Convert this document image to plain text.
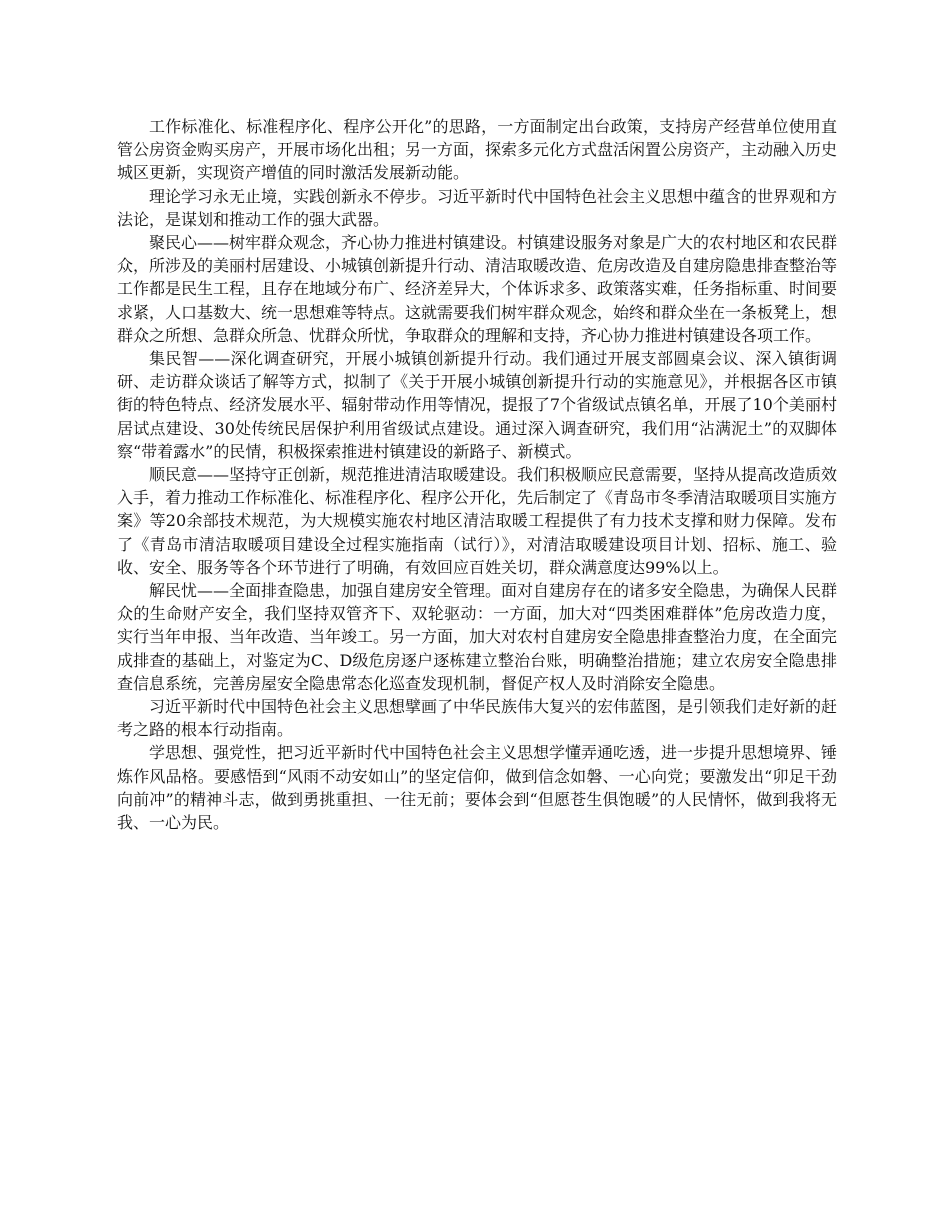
工作标准化、标准程序化、程序公开化”的思路，一方面制定出台政策，支持房产经营单位使用直管公房资金购买房产，开展市场化出租；另一方面，探索多元化方式盘活闲置公房资产，主动融入历史城区更新，实现资产增值的同时激活发展新动能。

理论学习永无止境，实践创新永不停步。习近平新时代中国特色社会主义思想中蕴含的世界观和方法论，是谋划和推动工作的强大武器。

聚民心——树牢群众观念，齐心协力推进村镇建设。村镇建设服务对象是广大的农村地区和农民群众，所涉及的美丽村居建设、小城镇创新提升行动、清洁取暖改造、危房改造及自建房隐患排查整治等工作都是民生工程，且存在地域分布广、经济差异大，个体诉求多、政策落实难，任务指标重、时间要求紧，人口基数大、统一思想难等特点。这就需要我们树牢群众观念，始终和群众坐在一条板凳上，想群众之所想、急群众所急、忧群众所忧，争取群众的理解和支持，齐心协力推进村镇建设各项工作。

集民智——深化调查研究，开展小城镇创新提升行动。我们通过开展支部圆桌会议、深入镇街调研、走访群众谈话了解等方式，拟制了《关于开展小城镇创新提升行动的实施意见》，并根据各区市镇街的特色特点、经济发展水平、辐射带动作用等情况，提报了7个省级试点镇名单，开展了10个美丽村居试点建设、30处传统民居保护利用省级试点建设。通过深入调查研究，我们用“沾满泥土”的双脚体察“带着露水”的民情，积极探索推进村镇建设的新路子、新模式。

顺民意——坚持守正创新，规范推进清洁取暖建设。我们积极顺应民意需要，坚持从提高改造质效入手，着力推动工作标准化、标准程序化、程序公开化，先后制定了《青岛市冬季清洁取暖项目实施方案》等20余部技术规范，为大规模实施农村地区清洁取暖工程提供了有力技术支撑和财力保障。发布了《青岛市清洁取暖项目建设全过程实施指南（试行）》，对清洁取暖建设项目计划、招标、施工、验收、安全、服务等各个环节进行了明确，有效回应百姓关切，群众满意度达99%以上。

解民忧——全面排查隐患，加强自建房安全管理。面对自建房存在的诸多安全隐患，为确保人民群众的生命财产安全，我们坚持双管齐下、双轮驱动：一方面，加大对“四类困难群体”危房改造力度，实行当年申报、当年改造、当年竣工。另一方面，加大对农村自建房安全隐患排查整治力度，在全面完成排查的基础上，对鉴定为C、D级危房逐户逐栋建立整治台账，明确整治措施；建立农房安全隐患排查信息系统，完善房屋安全隐患常态化巡查发现机制，督促产权人及时消除安全隐患。

习近平新时代中国特色社会主义思想擘画了中华民族伟大复兴的宏伟蓝图，是引领我们走好新的赶考之路的根本行动指南。

学思想、强党性，把习近平新时代中国特色社会主义思想学懂弄通吃透，进一步提升思想境界、锤炼作风品格。要感悟到“风雨不动安如山”的坚定信仰，做到信念如磐、一心向党；要激发出“卯足干劲向前冲”的精神斗志，做到勇挑重担、一往无前；要体会到“但愿苍生俱饱暖”的人民情怀，做到我将无我、一心为民。
